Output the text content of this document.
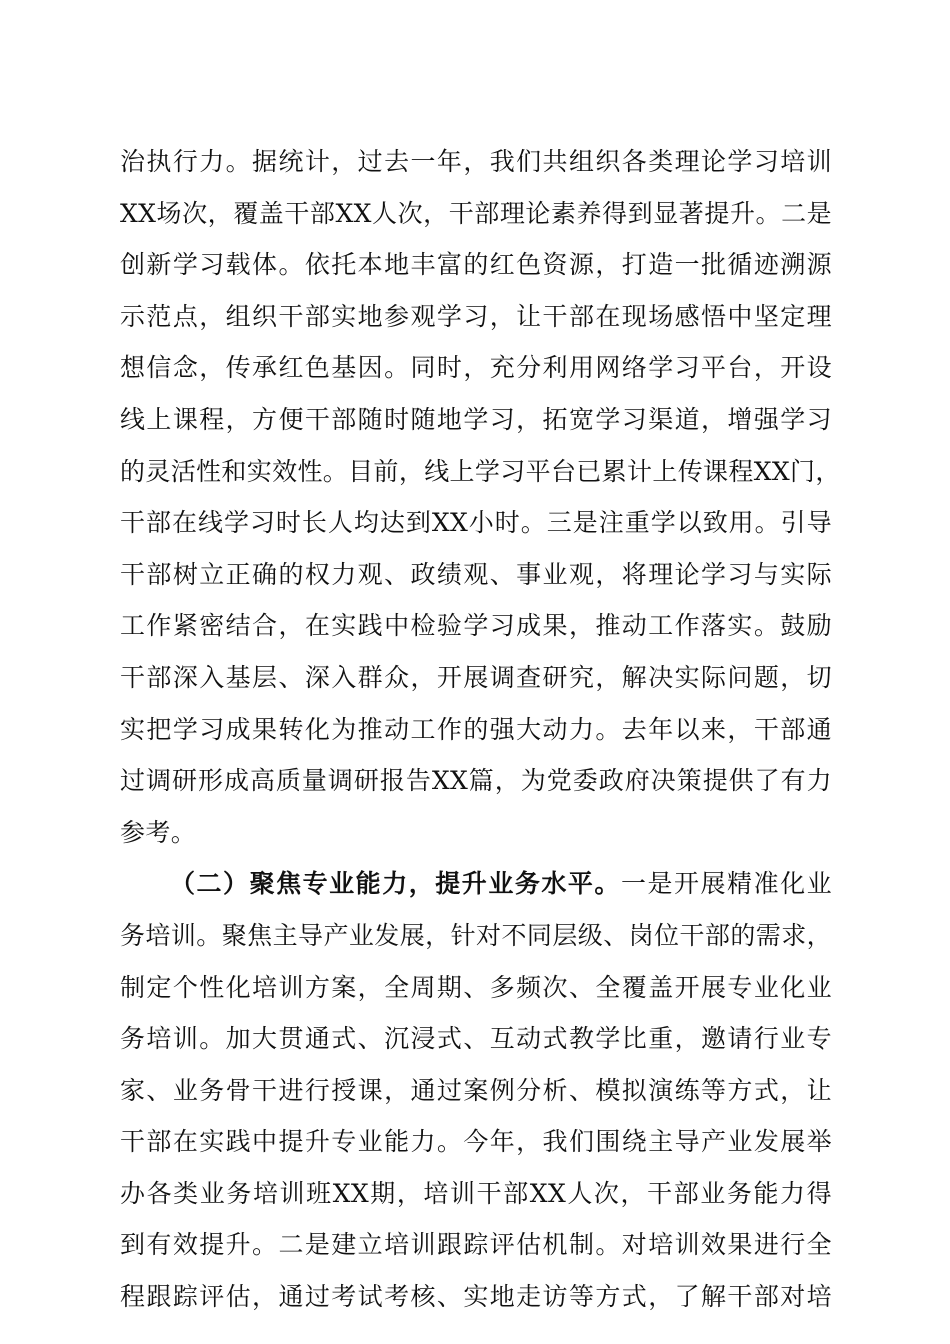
治执行力。据统计，过去一年，我们共组织各类理论学习培训
XX场次，覆盖干部XX人次，干部理论素养得到显著提升。二是
创新学习载体。依托本地丰富的红色资源，打造一批循迹溯源
示范点，组织干部实地参观学习，让干部在现场感悟中坚定理
想信念，传承红色基因。同时，充分利用网络学习平台，开设
线上课程，方便干部随时随地学习，拓宽学习渠道，增强学习
的灵活性和实效性。目前，线上学习平台已累计上传课程XX门，
干部在线学习时长人均达到XX小时。三是注重学以致用。引导
干部树立正确的权力观、政绩观、事业观，将理论学习与实际
工作紧密结合，在实践中检验学习成果，推动工作落实。鼓励
干部深入基层、深入群众，开展调查研究，解决实际问题，切
实把学习成果转化为推动工作的强大动力。去年以来，干部通
过调研形成高质量调研报告XX篇，为党委政府决策提供了有力
参考。
（二）聚焦专业能力，提升业务水平。一是开展精准化业
务培训。聚焦主导产业发展，针对不同层级、岗位干部的需求，
制定个性化培训方案，全周期、多频次、全覆盖开展专业化业
务培训。加大贯通式、沉浸式、互动式教学比重，邀请行业专
家、业务骨干进行授课，通过案例分析、模拟演练等方式，让
干部在实践中提升专业能力。今年，我们围绕主导产业发展举
办各类业务培训班XX期，培训干部XX人次，干部业务能力得
到有效提升。二是建立培训跟踪评估机制。对培训效果进行全
程跟踪评估，通过考试考核、实地走访等方式，了解干部对培
